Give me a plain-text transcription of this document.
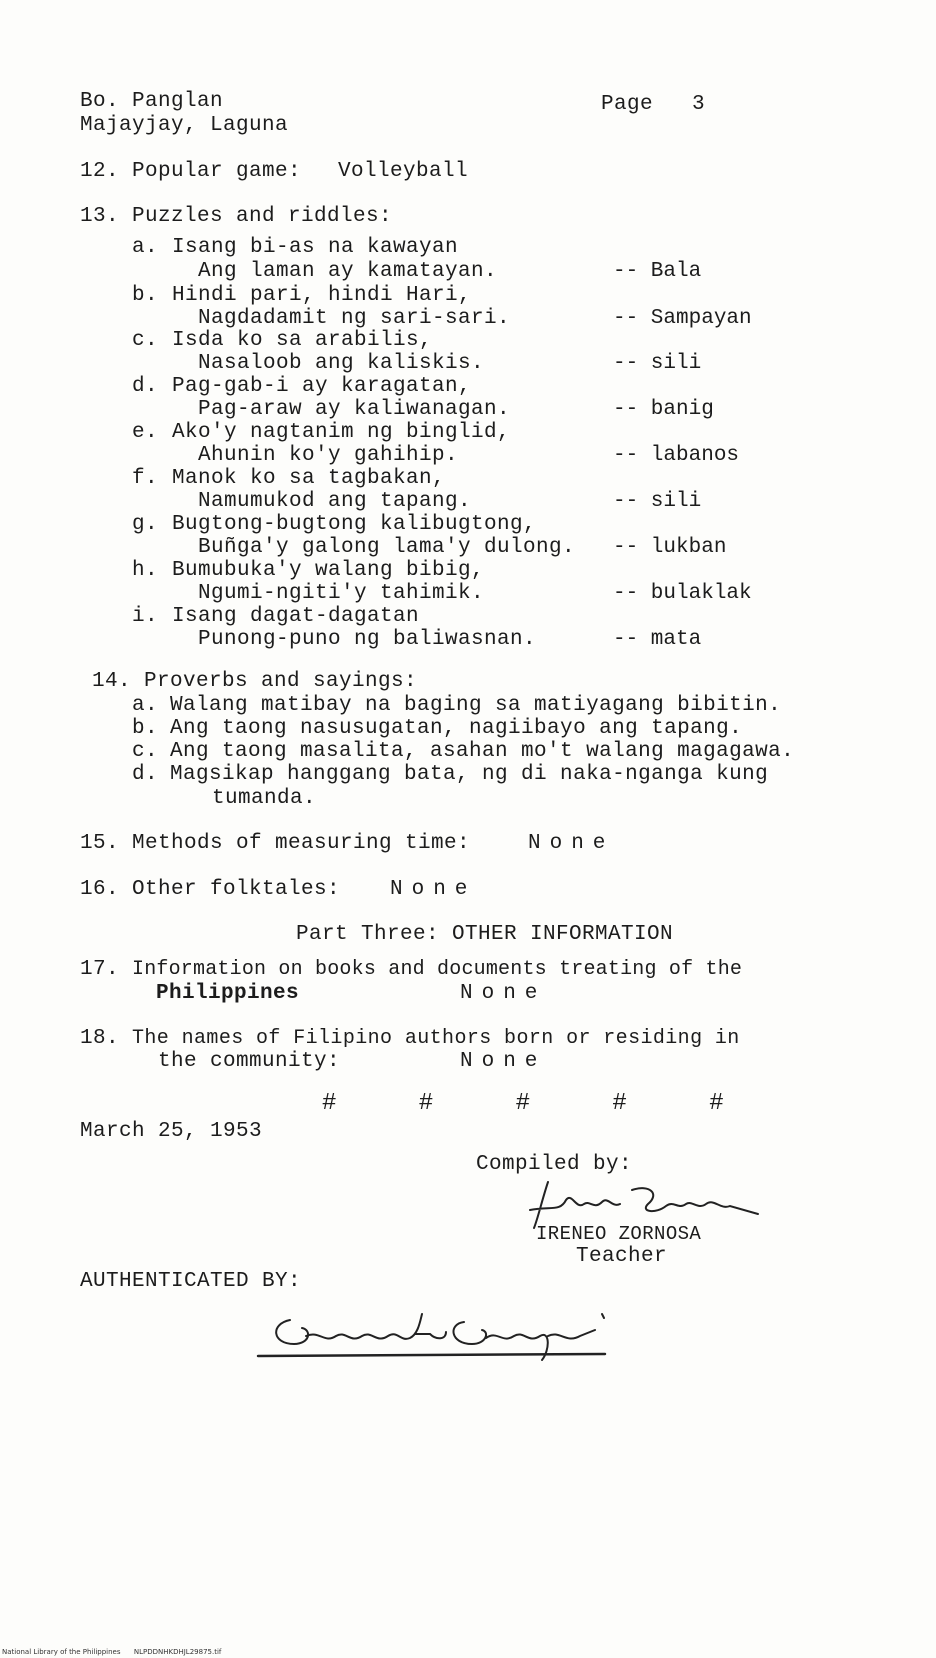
Bo. Panglan
Majayjay, Laguna
Page   3
12. Popular game: Volleyball
13. Puzzles and riddles:
a. Isang bi-as na kawayan
Ang laman ay kamatayan.	-- Bala
b. Hindi pari, hindi Hari,
Nagdadamit ng sari-sari.	-- Sampayan
c. Isda ko sa arabilis,
Nasaloob ang kaliskis.	-- sili
d. Pag-gab-i ay karagatan,
Pag-araw ay kaliwanagan.	-- banig
e. Ako'y nagtanim ng binglid,
Ahunin ko'y gahihip.	-- labanos
f. Manok ko sa tagbakan,
Namumukod ang tapang.	-- sili
g. Bugtong-bugtong kalibugtong,
Buñga'y galong lama'y dulong. -- lukban
h. Bumubuka'y walang bibig,
Ngumi-ngiti'y tahimik.	-- bulaklak
i. Isang dagat-dagatan
Punong-puno ng baliwasnan.	-- mata
14. Proverbs and sayings:
a. Walang matibay na baging sa matiyagang bibitin.
b. Ang taong nasusugatan, nagiibayo ang tapang.
c. Ang taong masalita, asahan mo't walang magagawa.
d. Magsikap hanggang bata, ng di naka-nganga kung
tumanda.
15. Methods of measuring time:	None
16. Other folktales: None
Part Three: OTHER INFORMATION
17. Information on books and documents treating of the
Philippines	None
18. The names of Filipino authors born or residing in
the community:	None
# # # # #
March 25, 1953
Compiled by:
IRENEO ZORNOSA
Teacher
AUTHENTICATED BY:
National Library of the Philippines NLPDDNHKDHJL29875.tif
